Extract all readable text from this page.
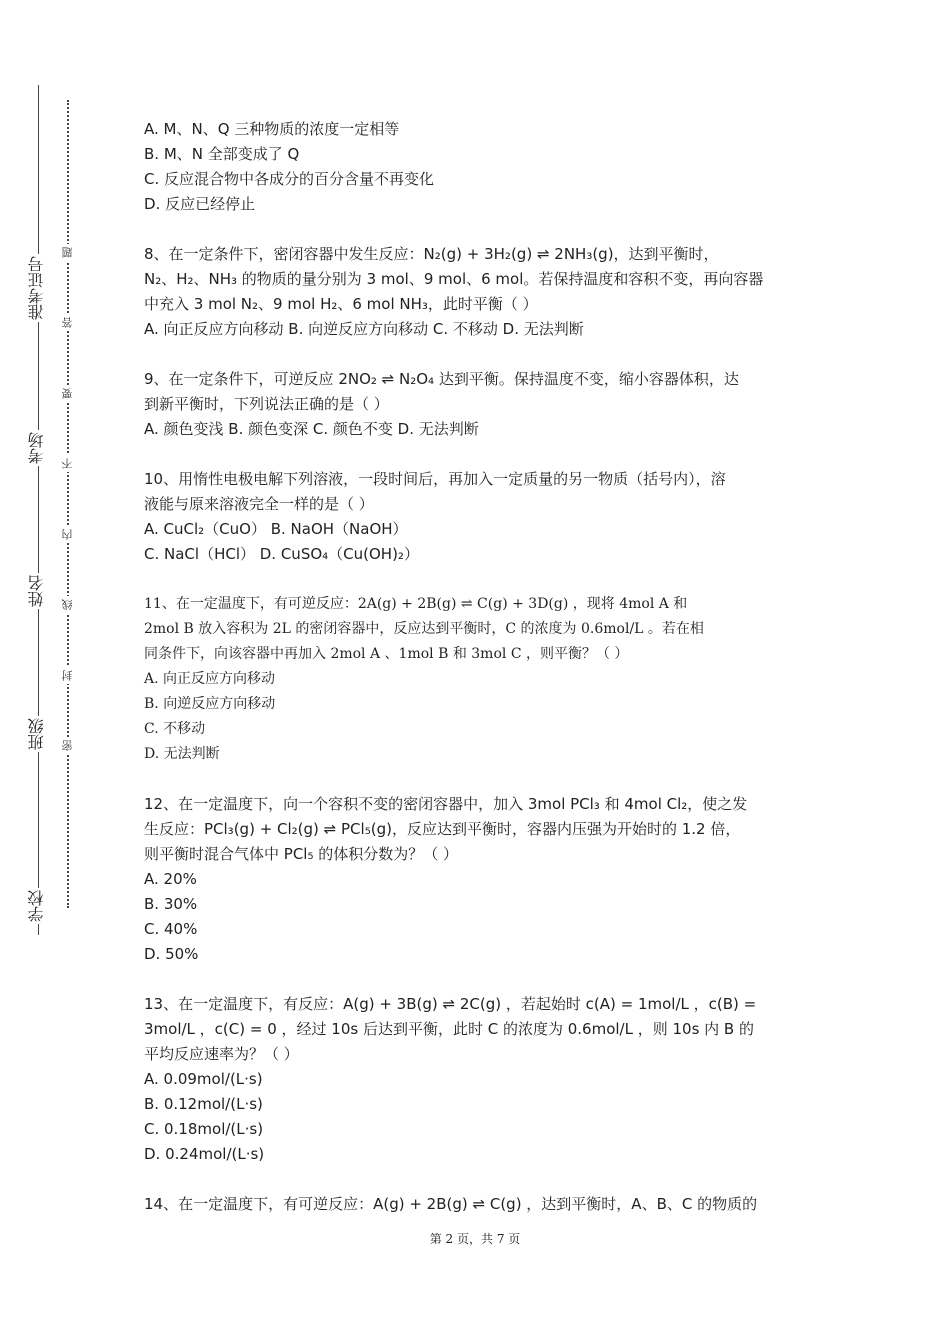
准考证号
考场
姓名
班级
学校
题
答
要
不
内
线
封
密
A. M、N、Q 三种物质的浓度一定相等
B. M、N 全部变成了 Q
C. 反应混合物中各成分的百分含量不再变化
D. 反应已经停止
8、在一定条件下，密闭容器中发生反应：N₂(g) + 3H₂(g) ⇌ 2NH₃(g)，达到平衡时，
N₂、H₂、NH₃ 的物质的量分别为 3 mol、9 mol、6 mol。若保持温度和容积不变，再向容器
中充入 3 mol N₂、9 mol H₂、6 mol NH₃，此时平衡（ ）
A. 向正反应方向移动 B. 向逆反应方向移动 C. 不移动 D. 无法判断
9、在一定条件下，可逆反应 2NO₂ ⇌ N₂O₄ 达到平衡。保持温度不变，缩小容器体积，达
到新平衡时，下列说法正确的是（ ）
A. 颜色变浅 B. 颜色变深 C. 颜色不变 D. 无法判断
10、用惰性电极电解下列溶液，一段时间后，再加入一定质量的另一物质（括号内），溶
液能与原来溶液完全一样的是（ ）
A. CuCl₂（CuO） B. NaOH（NaOH）
C. NaCl（HCl） D. CuSO₄（Cu(OH)₂）
11、在一定温度下，有可逆反应：2A(g) + 2B(g) ⇌ C(g) + 3D(g) ，现将 4mol A 和
2mol B 放入容积为 2L 的密闭容器中，反应达到平衡时，C 的浓度为 0.6mol/L 。若在相
同条件下，向该容器中再加入 2mol A 、1mol B 和 3mol C ，则平衡？（ ）
A. 向正反应方向移动
B. 向逆反应方向移动
C. 不移动
D. 无法判断
12、在一定温度下，向一个容积不变的密闭容器中，加入 3mol PCl₃ 和 4mol Cl₂，使之发
生反应：PCl₃(g) + Cl₂(g) ⇌ PCl₅(g)，反应达到平衡时，容器内压强为开始时的 1.2 倍，
则平衡时混合气体中 PCl₅ 的体积分数为？（ ）
A. 20%
B. 30%
C. 40%
D. 50%
13、在一定温度下，有反应：A(g) + 3B(g) ⇌ 2C(g) ，若起始时 c(A) = 1mol/L ，c(B) =
3mol/L ，c(C) = 0 ，经过 10s 后达到平衡，此时 C 的浓度为 0.6mol/L ，则 10s 内 B 的
平均反应速率为？（ ）
A. 0.09mol/(L·s)
B. 0.12mol/(L·s)
C. 0.18mol/(L·s)
D. 0.24mol/(L·s)
14、在一定温度下，有可逆反应：A(g) + 2B(g) ⇌ C(g) ，达到平衡时，A、B、C 的物质的
第 2 页，共 7 页
